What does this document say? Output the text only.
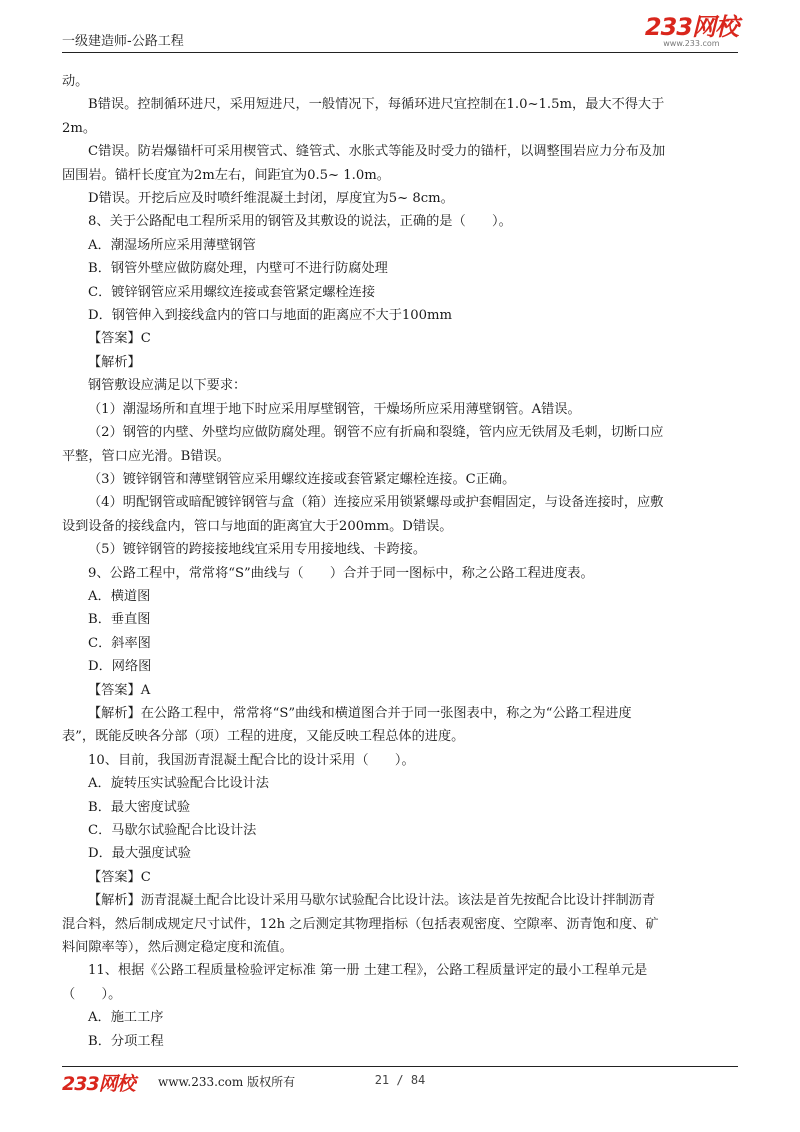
一级建造师-公路工程
233网校
www.233.com
动。
B错误。控制循环进尺，采用短进尺，一般情况下，每循环进尺宜控制在1.0~1.5m，最大不得大于
2m。
C错误。防岩爆锚杆可采用楔管式、缝管式、水胀式等能及时受力的锚杆，以调整围岩应力分布及加
固围岩。锚杆长度宜为2m左右，间距宜为0.5~ 1.0m。
D错误。开挖后应及时喷纤维混凝土封闭，厚度宜为5~ 8cm。
8、关于公路配电工程所采用的钢管及其敷设的说法，正确的是（　　）。
A．潮湿场所应采用薄壁钢管
B．钢管外壁应做防腐处理，内壁可不进行防腐处理
C．镀锌钢管应采用螺纹连接或套管紧定螺栓连接
D．钢管伸入到接线盒内的管口与地面的距离应不大于100mm
【答案】C
【解析】
钢管敷设应满足以下要求：
（1）潮湿场所和直埋于地下时应采用厚壁钢管，干燥场所应采用薄壁钢管。A错误。
（2）钢管的内壁、外壁均应做防腐处理。钢管不应有折扁和裂缝，管内应无铁屑及毛刺，切断口应
平整，管口应光滑。B错误。
（3）镀锌钢管和薄壁钢管应采用螺纹连接或套管紧定螺栓连接。C正确。
（4）明配钢管或暗配镀锌钢管与盒（箱）连接应采用锁紧螺母或护套帽固定，与设备连接时，应敷
设到设备的接线盒内，管口与地面的距离宜大于200mm。D错误。
（5）镀锌钢管的跨接接地线宜采用专用接地线、卡跨接。
9、公路工程中，常常将“S”曲线与（　　）合并于同一图标中，称之公路工程进度表。
A．横道图
B．垂直图
C．斜率图
D．网络图
【答案】A
【解析】在公路工程中，常常将“S”曲线和横道图合并于同一张图表中，称之为“公路工程进度
表”，既能反映各分部（项）工程的进度，又能反映工程总体的进度。
10、目前，我国沥青混凝土配合比的设计采用（　　）。
A．旋转压实试验配合比设计法
B．最大密度试验
C．马歇尔试验配合比设计法
D．最大强度试验
【答案】C
【解析】沥青混凝土配合比设计采用马歇尔试验配合比设计法。该法是首先按配合比设计拌制沥青
混合料，然后制成规定尺寸试件，12h 之后测定其物理指标（包括表观密度、空隙率、沥青饱和度、矿
料间隙率等），然后测定稳定度和流值。
11、根据《公路工程质量检验评定标准 第一册 土建工程》，公路工程质量评定的最小工程单元是
（　　）。
A．施工工序
B．分项工程
233网校 www.233.com 版权所有	21 / 84
